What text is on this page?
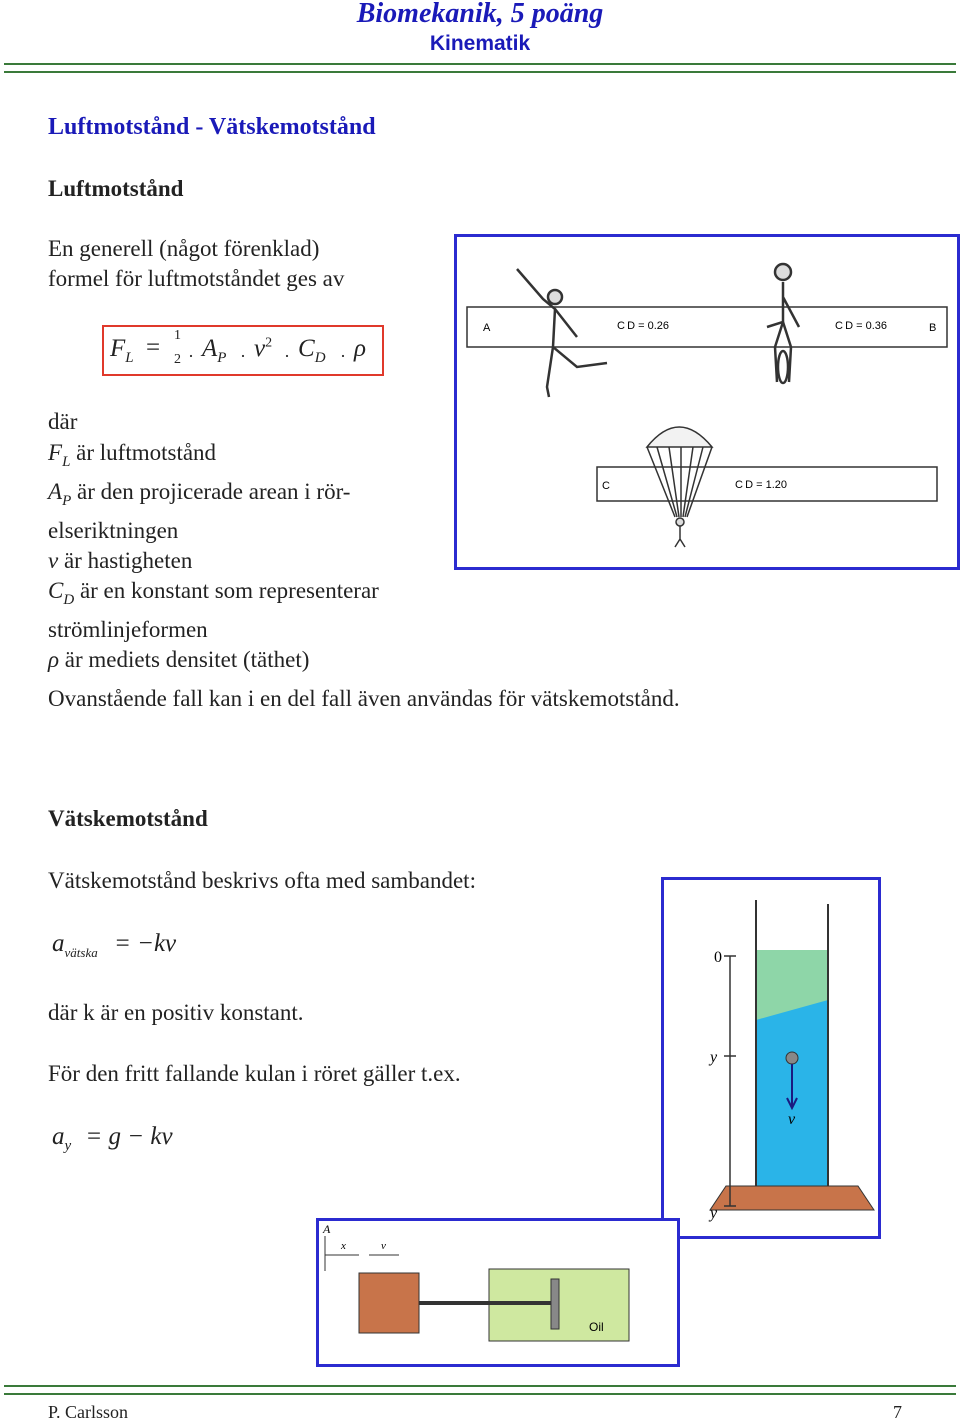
Biomekanik, 5 poäng
Kinematik
Luftmotstånd - Vätskemotstånd
Luftmotstånd
En generell (något förenklad)
formel för luftmotståndet ges av
$F_L = 1$
$2 \cdot A_P \cdot v^2$
· $C_D \cdot \rho$
där
$F_L$ är luftmotstånd
$A_P$ är den projicerade arean i rör-
elseriktningen
v är hastigheten
$C_D$ är en konstant som representerar
strömlinjeformen
ρ är mediets densitet (täthet)
A	C D = 0.26	C D = 0.36	B
C	C D = 1.20
Ovanstående fall kan i en del fall även användas för vätskemotstånd.
Vätskemotstånd
Vätskemotstånd beskrivs ofta med sambandet:
$a_{vätska} = -kv$
där k är en positiv konstant.
För den fritt fallande kulan i röret gäller t.ex.
$a_y = g$ − kv
0
y
y
v
A
x	v
Oil
P. Carlsson	7
